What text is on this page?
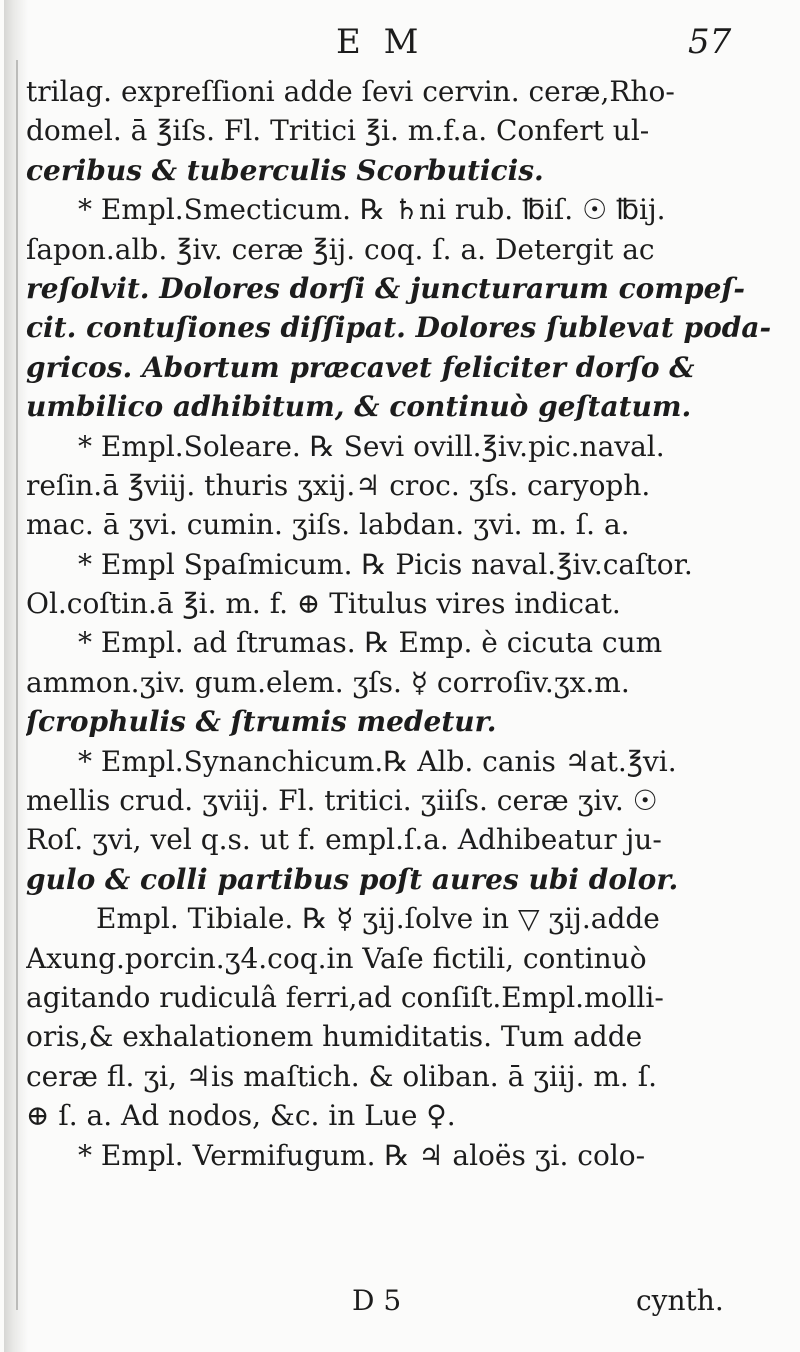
E M	57
trilag. expreſſioni adde ſevi cervin. ceræ,Rho-
domel. ā ℥iſs. Fl. Tritici ℥i. m.f.a. Confert ul-
ceribus & tuberculis Scorbuticis.
* Empl.Smecticum. ℞ ♄ni rub. ℔iſ. ☉ ℔ij.
ſapon.alb. ℥iv. ceræ ℥ij. coq. ſ. a. Detergit ac
reſolvit. Dolores dorſi & juncturarum compeſ-
cit. contuſiones diſſipat. Dolores ſublevat poda-
gricos. Abortum præcavet feliciter dorſo &
umbilico adhibitum, & continuò geſtatum.
* Empl.Soleare. ℞ Sevi ovill.℥iv.pic.naval.
reſin.ā ℥viij. thuris ʒxij.♃ croc. ʒſs. caryoph.
mac. ā ʒvi. cumin. ʒiſs. labdan. ʒvi. m. ſ. a.
* Empl Spaſmicum. ℞ Picis naval.℥iv.caſtor.
Ol.coſtin.ā ℥i. m. f. ⊕ Titulus vires indicat.
* Empl. ad ſtrumas. ℞ Emp. è cicuta cum
ammon.ʒiv. gum.elem. ʒſs. ☿ corroſiv.ʒx.m.
ſcrophulis & ſtrumis medetur.
* Empl.Synanchicum.℞ Alb. canis ♃at.℥vi.
mellis crud. ʒviij. Fl. tritici. ʒiiſs. ceræ ʒiv. ☉
Roſ. ʒvi, vel q.s. ut f. empl.ſ.a. Adhibeatur ju-
gulo & colli partibus poſt aures ubi dolor.
Empl. Tibiale. ℞ ☿ ʒij.ſolve in ▽ ʒij.adde
Axung.porcin.ʒ4.coq.in Vaſe fictili, continuò
agitando rudiculâ ferri,ad conſiſt.Empl.molli-
oris,& exhalationem humiditatis. Tum adde
ceræ fl. ʒi, ♃is maſtich. & oliban. ā ʒiij. m. ſ.
⊕ ſ. a. Ad nodos, &c. in Lue ♀.
* Empl. Vermifugum. ℞ ♃ aloës ʒi. colo-
D 5	cynth.
